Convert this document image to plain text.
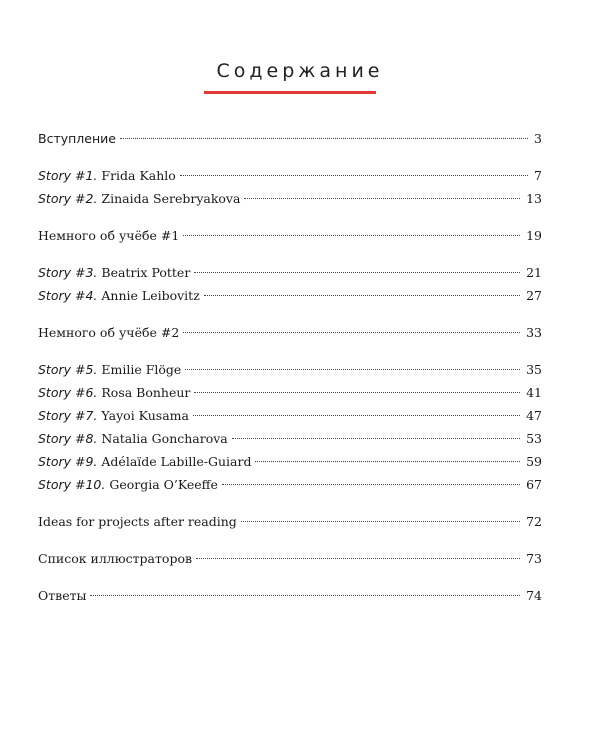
Содержание
Вступление	3
Story #1. Frida Kahlo	7
Story #2. Zinaida Serebryakova	13
Немного об учёбе #1	19
Story #3. Beatrix Potter	21
Story #4. Annie Leibovitz	27
Немного об учёбе #2	33
Story #5. Emilie Flöge	35
Story #6. Rosa Bonheur	41
Story #7. Yayoi Kusama	47
Story #8. Natalia Goncharova	53
Story #9. Adélaïde Labille-Guiard	59
Story #10. Georgia O’Keeffe	67
Ideas for projects after reading	72
Список иллюстраторов	73
Ответы	74
